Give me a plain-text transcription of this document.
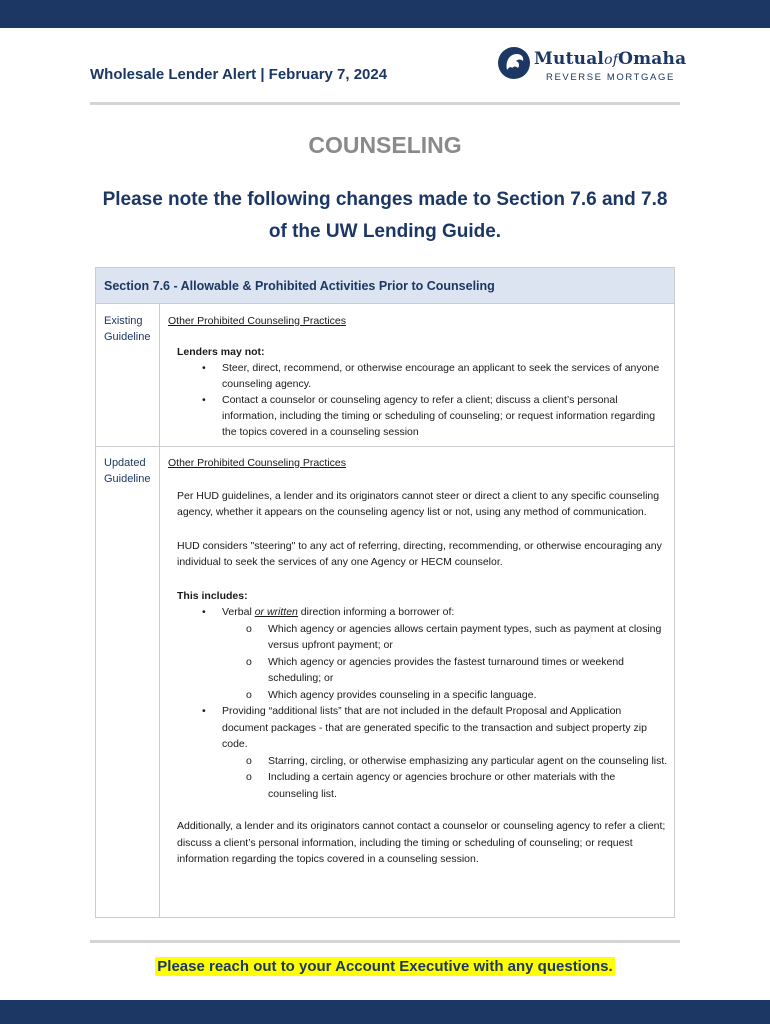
Wholesale Lender Alert | February 7, 2024
MutualofOmaha
REVERSE MORTGAGE
COUNSELING
Please note the following changes made to Section 7.6 and 7.8
of the UW Lending Guide.
Section 7.6 - Allowable & Prohibited Activities Prior to Counseling
Existing
Guideline

Other Prohibited Counseling Practices

Lenders may not:

• Steer, direct, recommend, or otherwise encourage an applicant to seek the services of anyone counseling agency.
• Contact a counselor or counseling agency to refer a client; discuss a client’s personal information, including the timing or scheduling of counseling; or request information regarding the topics covered in a counseling session
Updated
Guideline

Other Prohibited Counseling Practices

Per HUD guidelines, a lender and its originators cannot steer or direct a client to any specific counseling agency, whether it appears on the counseling agency list or not, using any method of communication.

HUD considers "steering" to any act of referring, directing, recommending, or otherwise encouraging any individual to seek the services of any one Agency or HECM counselor.

This includes:

• Verbal or written direction informing a borrower of:
o Which agency or agencies allows certain payment types, such as payment at closing versus upfront payment; or
o Which agency or agencies provides the fastest turnaround times or weekend scheduling; or
o Which agency provides counseling in a specific language.
• Providing “additional lists” that are not included in the default Proposal and Application document packages - that are generated specific to the transaction and subject property zip code.
o Starring, circling, or otherwise emphasizing any particular agent on the counseling list.
o Including a certain agency or agencies brochure or other materials with the counseling list.

Additionally, a lender and its originators cannot contact a counselor or counseling agency to refer a client; discuss a client’s personal information, including the timing or scheduling of counseling; or request information regarding the topics covered in a counseling session.

Please reach out to your Account Executive with any questions.
